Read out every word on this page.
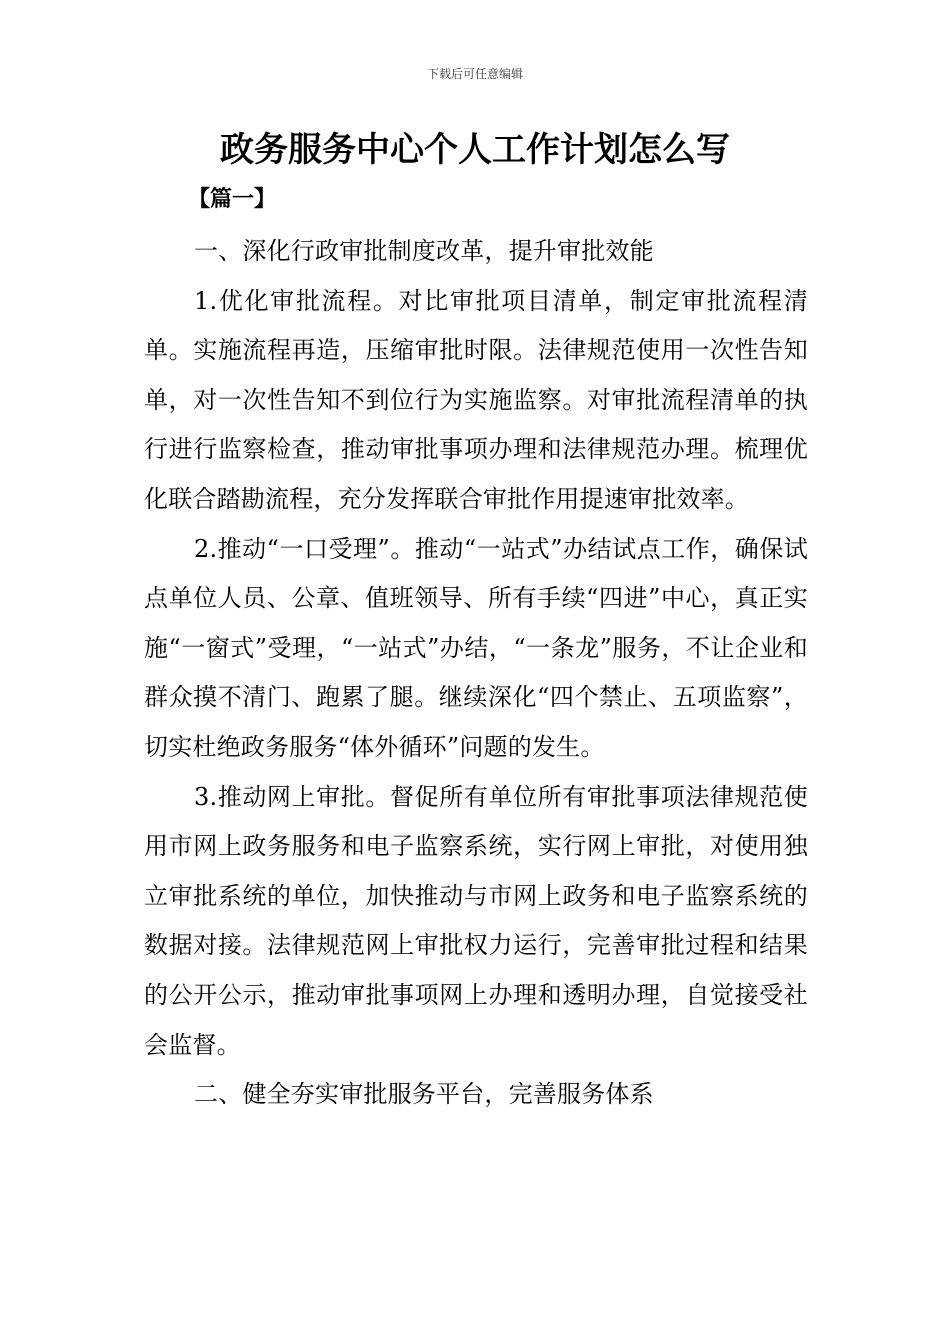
下载后可任意编辑
政务服务中心个人工作计划怎么写
【篇一】

一、深化行政审批制度改革，提升审批效能

1.优化审批流程。对比审批项目清单，制定审批流程清单。实施流程再造，压缩审批时限。法律规范使用一次性告知单，对一次性告知不到位行为实施监察。对审批流程清单的执行进行监察检查，推动审批事项办理和法律规范办理。梳理优化联合踏勘流程，充分发挥联合审批作用提速审批效率。

2.推动“一口受理”。推动“一站式”办结试点工作，确保试点单位人员、公章、值班领导、所有手续“四进”中心，真正实施“一窗式”受理，“一站式”办结，“一条龙”服务，不让企业和群众摸不清门、跑累了腿。继续深化“四个禁止、五项监察”，切实杜绝政务服务“体外循环”问题的发生。

3.推动网上审批。督促所有单位所有审批事项法律规范使用市网上政务服务和电子监察系统，实行网上审批，对使用独立审批系统的单位，加快推动与市网上政务和电子监察系统的数据对接。法律规范网上审批权力运行，完善审批过程和结果的公开公示，推动审批事项网上办理和透明办理，自觉接受社会监督。

二、健全夯实审批服务平台，完善服务体系
